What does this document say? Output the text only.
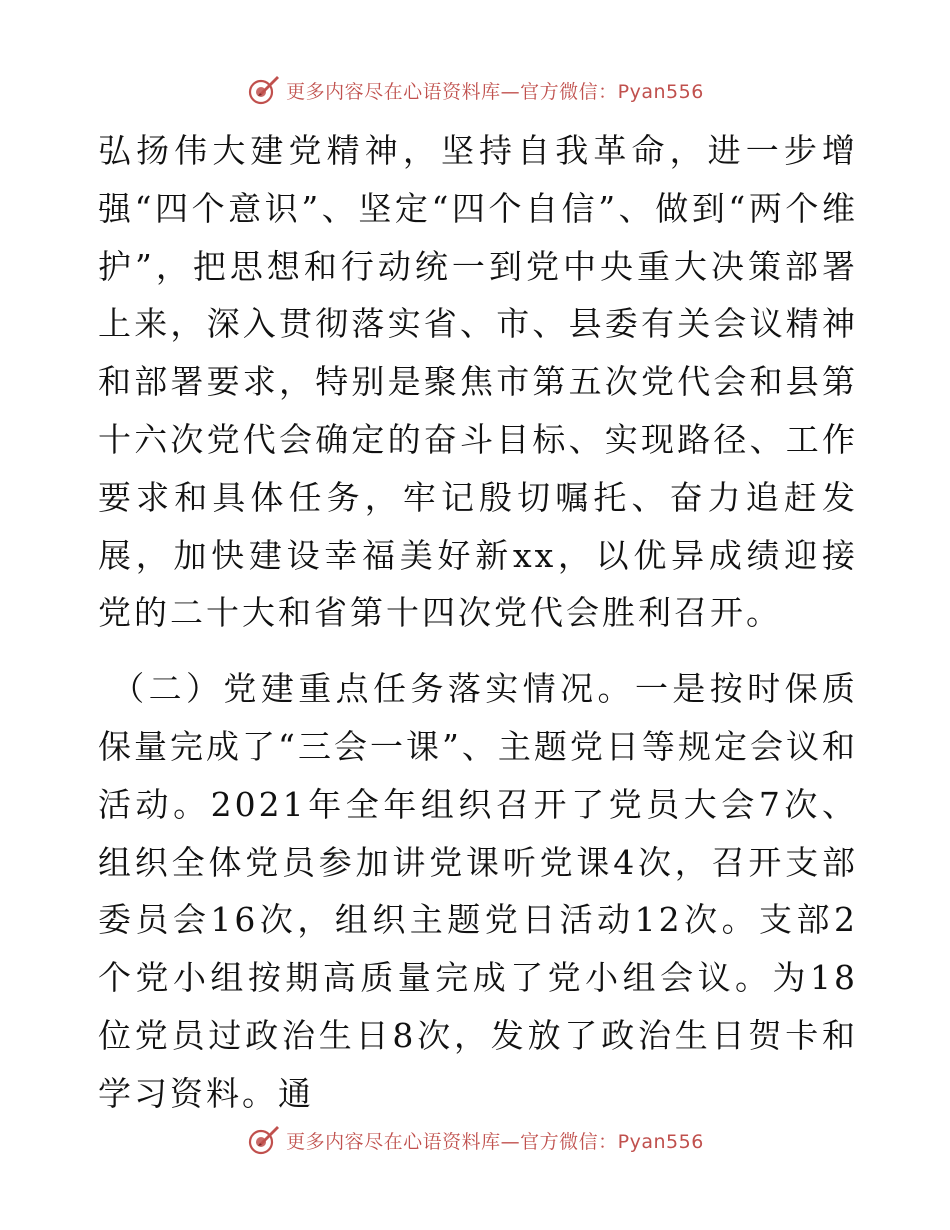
更多内容尽在心语资料库—官方微信：Pyan556

弘扬伟大建党精神，坚持自我革命，进一步增强“四个意识”、坚定“四个自信”、做到“两个维护”，把思想和行动统一到党中央重大决策部署上来，深入贯彻落实省、市、县委有关会议精神和部署要求，特别是聚焦市第五次党代会和县第十六次党代会确定的奋斗目标、实现路径、工作要求和具体任务，牢记殷切嘱托、奋力追赶发展，加快建设幸福美好新xx，以优异成绩迎接党的二十大和省第十四次党代会胜利召开。

（二）党建重点任务落实情况。一是按时保质保量完成了“三会一课”、主题党日等规定会议和活动。2021年全年组织召开了党员大会7次、组织全体党员参加讲党课听党课4次，召开支部委员会16次，组织主题党日活动12次。支部2个党小组按期高质量完成了党小组会议。为18位党员过政治生日8次，发放了政治生日贺卡和学习资料。通

更多内容尽在心语资料库—官方微信：Pyan556
